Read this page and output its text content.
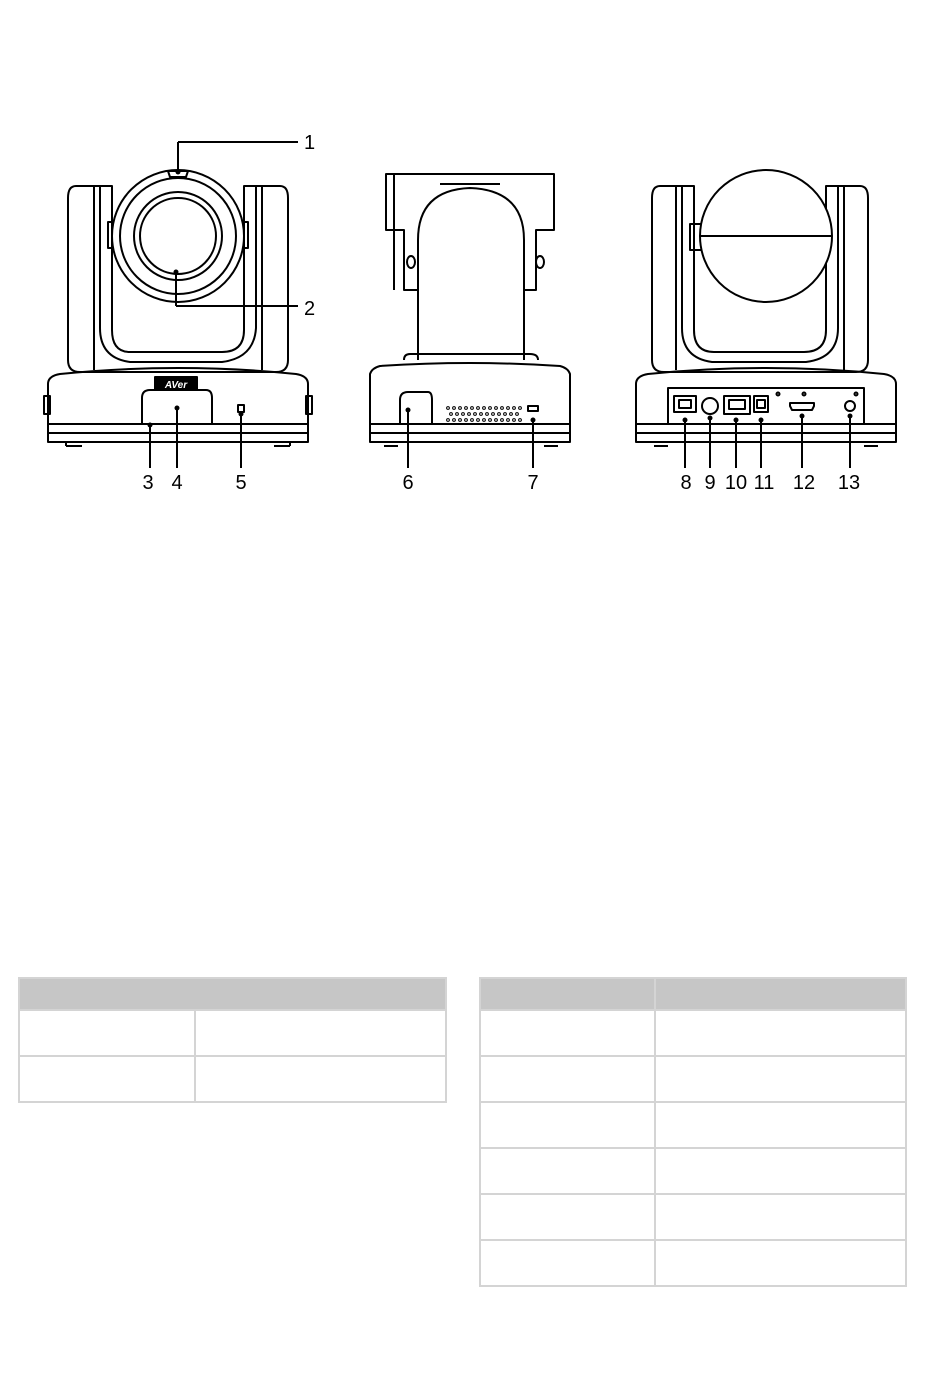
AVer
1
2
3 4	5	6	7	8 9 10 11 12 13
